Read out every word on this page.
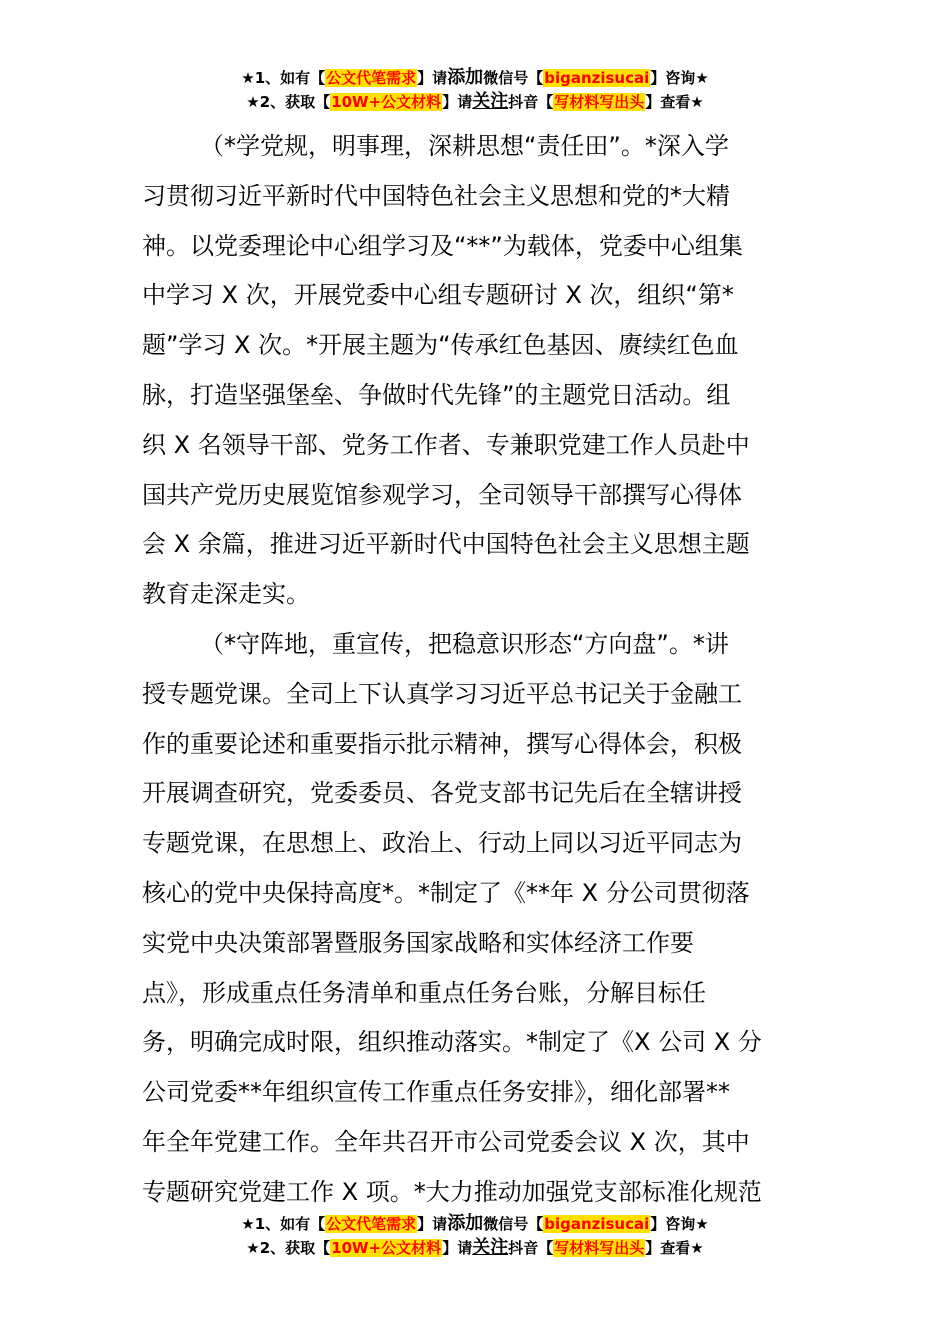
★1、如有【公文代笔需求】请添加微信号【biganzisucai】咨询★
★2、获取【10W+公文材料】请关注抖音【写材料写出头】查看★

（*学党规，明事理，深耕思想“责任田”。*深入学
习贯彻习近平新时代中国特色社会主义思想和党的*大精
神。以党委理论中心组学习及“**”为载体，党委中心组集
中学习 X 次，开展党委中心组专题研讨 X 次，组织“第*
题”学习 X 次。*开展主题为“传承红色基因、赓续红色血
脉，打造坚强堡垒、争做时代先锋”的主题党日活动。组
织 X 名领导干部、党务工作者、专兼职党建工作人员赴中
国共产党历史展览馆参观学习，全司领导干部撰写心得体
会 X 余篇，推进习近平新时代中国特色社会主义思想主题
教育走深走实。

（*守阵地，重宣传，把稳意识形态“方向盘”。*讲
授专题党课。全司上下认真学习习近平总书记关于金融工
作的重要论述和重要指示批示精神，撰写心得体会，积极
开展调查研究，党委委员、各党支部书记先后在全辖讲授
专题党课，在思想上、政治上、行动上同以习近平同志为
核心的党中央保持高度*。*制定了《**年 X 分公司贯彻落
实党中央决策部署暨服务国家战略和实体经济工作要
点》，形成重点任务清单和重点任务台账，分解目标任
务，明确完成时限，组织推动落实。*制定了《X 公司 X 分
公司党委**年组织宣传工作重点任务安排》，细化部署**
年全年党建工作。全年共召开市公司党委会议 X 次，其中
专题研究党建工作 X 项。*大力推动加强党支部标准化规范

★1、如有【公文代笔需求】请添加微信号【biganzisucai】咨询★
★2、获取【10W+公文材料】请关注抖音【写材料写出头】查看★
